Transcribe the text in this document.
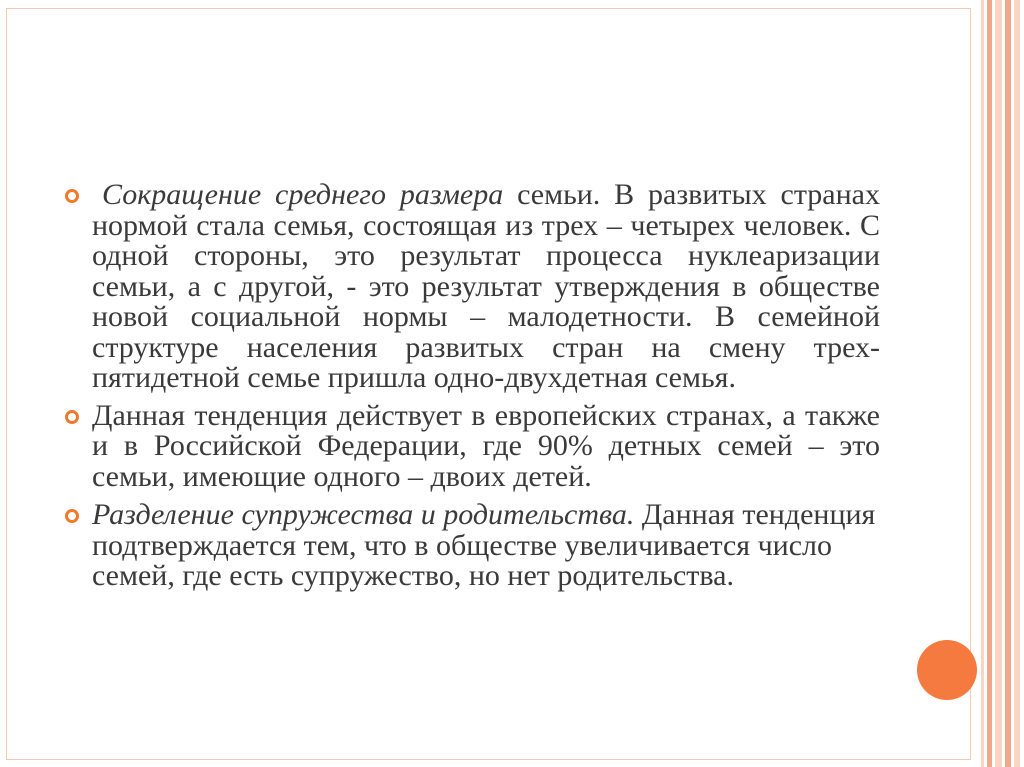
Сокращение среднего размера семьи. В развитых странах нормой стала семья, состоящая из трех – четырех человек. С одной стороны, это результат процесса нуклеаризации семьи, а с другой, - это результат утверждения в обществе новой социальной нормы – малодетности. В семейной структуре населения развитых стран на смену трех-пятидетной семье пришла одно-двухдетная семья.
Данная тенденция действует в европейских странах, а также и в Российской Федерации, где 90% детных семей – это семьи, имеющие одного – двоих детей.
Разделение супружества и родительства. Данная тенденция подтверждается тем, что в обществе увеличивается число семей, где есть супружество, но нет родительства.
